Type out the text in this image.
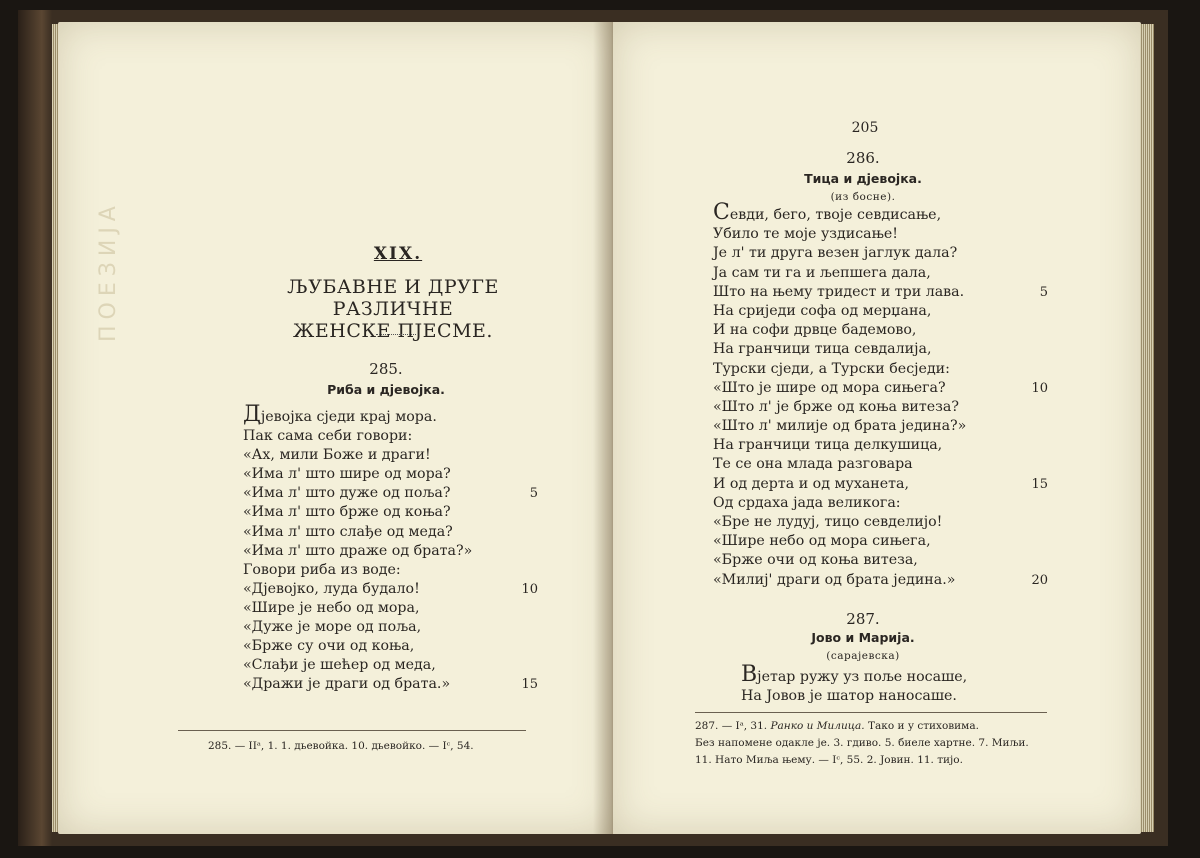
ПОЕЗИЈА	XIX.
ЉУБАВНЕ И ДРУГЕ РАЗЛИЧНЕ
ЖЕНСКЕ ПЈЕСМЕ.
285.
Риба и дјевојка.
Дјевојка сједи крај мора.
Пак сама себи говори:
«Ах, мили Боже и драги!
«Има л' што шире од мора?
«Има л' што дуже од поља?
«Има л' што брже од коња?
«Има л' што слађе од меда?
«Има л' што драже од брата?»
Говори риба из воде:
«Дјевојко, луда будало!
«Шире је небо од мора,
«Дуже је море од поља,
«Брже су очи од коња,
«Слађи је шећер од меда,
«Дражи је драги од брата.»
5
10
15
285. — IIᵃ, 1. 1. дьевойка. 10. дьевойко. — Iᶜ, 54.
205
286.
Тица и дјевојка.
(из босне).
Севди, бего, твоје севдисање,
Убило те моје уздисање!
Је л' ти друга везен јаглук дала?
Ја сам ти га и љепшега дала,
Што на њему тридест и три лава.
На сриједи софа од мерџана,
И на софи дрвце бадемово,
На гранчици тица севдалија,
Турски сједи, а Турски бесједи:
«Што је шире од мора сињега?
«Што л' је брже од коња витеза?
«Што л' милије од брата једина?»
На гранчици тица делкушица,
Те се она млада разговара
И од дерта и од муханета,
Од срдаха јада великога:
«Бре не лудуј, тицо севделијо!
«Шире небо од мора сињега,
«Брже очи од коња витеза,
«Милиј' драги од брата једина.»
5
10
15
20
287.
Јово и Марија.
(сарајевска)
Вјетар ружу уз поље носаше,
На Јовов је шатор наносаше.
287. — Iᵃ, 31. Ранко и Милица. Тако и у стиховима.
Без напомене одакле је. 3. гдиво. 5. биеле хартне. 7. Миљи.
11. Нато Миља њему. — Iᶜ, 55. 2. Јовин. 11. тијо.
